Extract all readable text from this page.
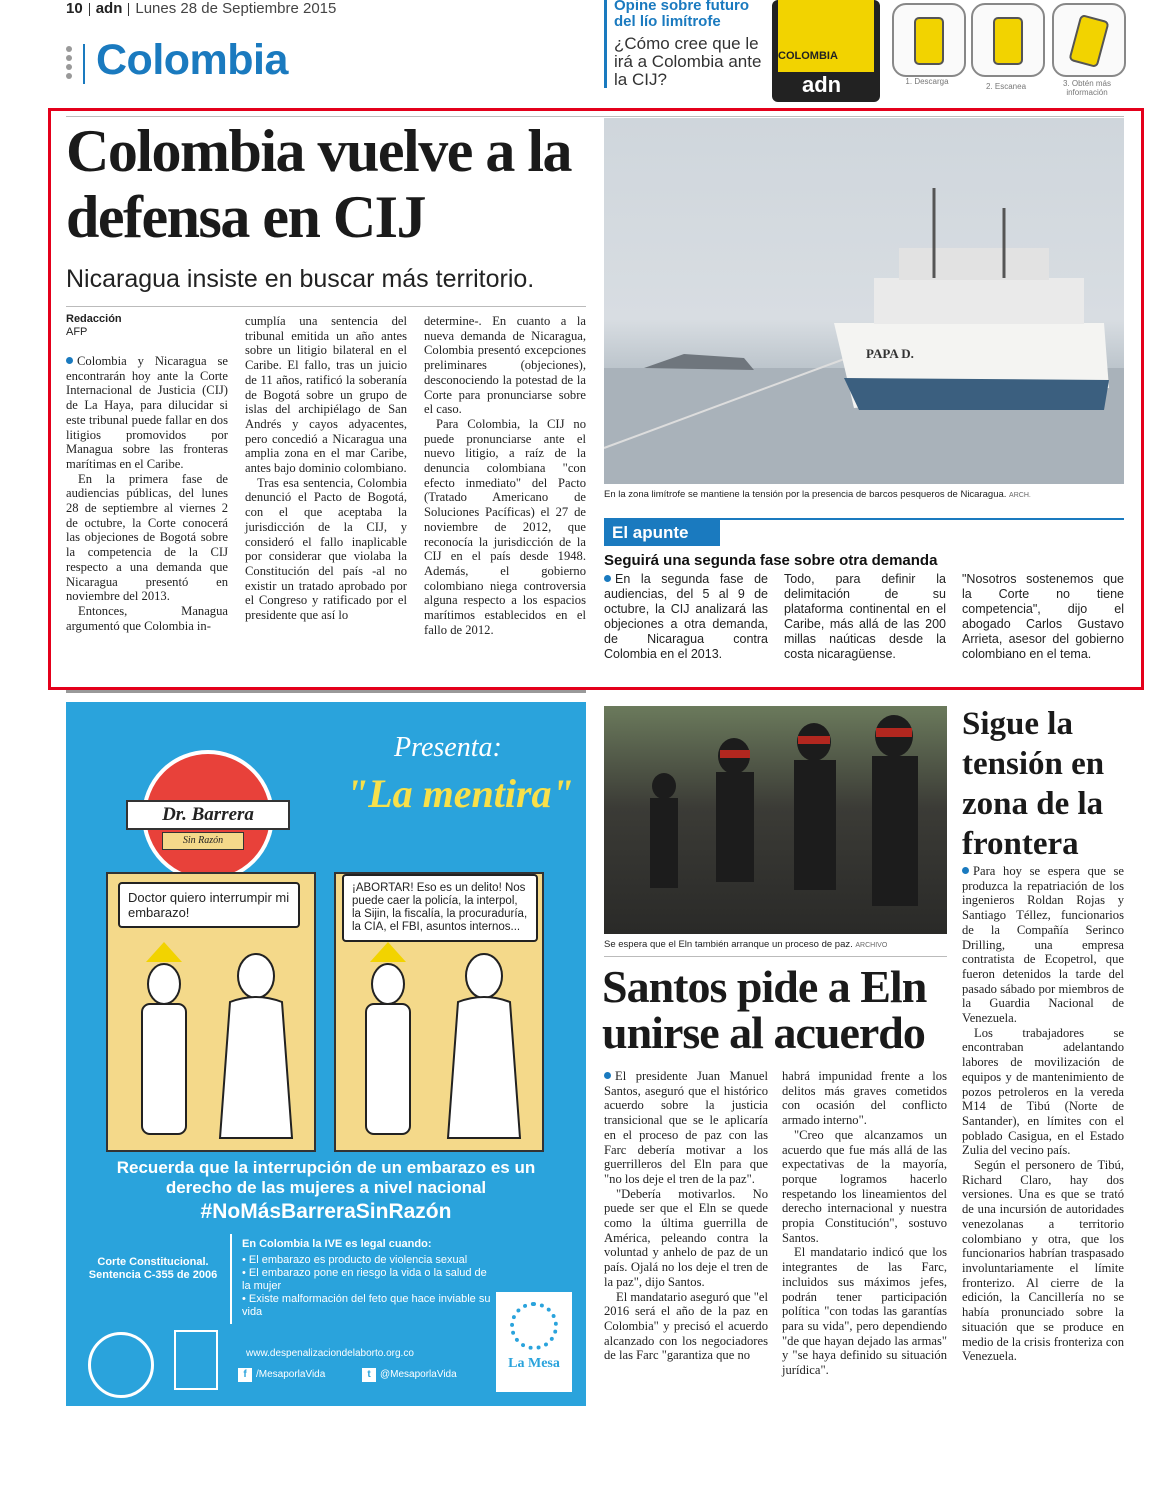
10 adn Lunes 28 de Septiembre 2015
Colombia
Opine sobre futuro del lío limítrofe
¿Cómo cree que le irá a Colombia ante la CIJ?
COLOMBIA
adn	1. Descarga
2. Escanea	3. Obtén más información
Colombia vuelve a la defensa en CIJ
Nicaragua insiste en buscar más territorio.
Redacción
AFP

Colombia y Nicaragua se encontrarán hoy ante la Corte Internacional de Justicia (CIJ) de La Haya, para dilucidar si este tribunal puede fallar en dos litigios promovidos por Managua sobre las fronteras marítimas en el Caribe.

En la primera fase de audiencias públicas, del lunes 28 de septiembre al viernes 2 de octubre, la Corte conocerá las objeciones de Bogotá sobre la competencia de la CIJ respecto a una demanda que Nicaragua presentó en noviembre del 2013.

Entonces, Managua argumentó que Colombia in-

cumplía una sentencia del tribunal emitida un año antes sobre un litigio bilateral en el Caribe. El fallo, tras un juicio de 11 años, ratificó la soberanía de Bogotá sobre un grupo de islas del archipiélago de San Andrés y cayos adyacentes, pero concedió a Nicaragua una amplia zona en el mar Caribe, antes bajo dominio colombiano.

Tras esa sentencia, Colombia denunció el Pacto de Bogotá, con el que aceptaba la jurisdicción de la CIJ, y consideró el fallo inaplicable por considerar que violaba la Constitución del país -al no existir un tratado aprobado por el Congreso y ratificado por el presidente que así lo

determine-. En cuanto a la nueva demanda de Nicaragua, Colombia presentó excepciones preliminares (objeciones), desconociendo la potestad de la Corte para pronunciarse sobre el caso.

Para Colombia, la CIJ no puede pronunciarse ante el nuevo litigio, a raíz de la denuncia colombiana "con efecto inmediato" del Pacto (Tratado Americano de Soluciones Pacíficas) el 27 de noviembre de 2012, que reconocía la jurisdicción de la CIJ en el país desde 1948. Además, el gobierno colombiano niega controversia alguna respecto a los espacios marítimos establecidos en el fallo de 2012.

PAPA D.
En la zona limítrofe se mantiene la tensión por la presencia de barcos pesqueros de Nicaragua. ARCH.
El apunte
Seguirá una segunda fase sobre otra demanda
En la segunda fase de audiencias, del 5 al 9 de octubre, la CIJ analizará las objeciones a otra demanda, de Nicaragua contra Colombia en el 2013.
Todo, para definir la delimitación de su plataforma continental en el Caribe, más allá de las 200 millas naúticas desde la costa nicaragüense.
"Nosotros sostenemos que la Corte no tiene competencia", dijo el abogado Carlos Gustavo Arrieta, asesor del gobierno colombiano en el tema.
Dr. Barrera
Sin Razón
Presenta:
"La mentira"
Doctor quiero interrumpir mi embarazo!
¡ABORTAR! Eso es un delito! Nos puede caer la policía, la interpol, la Sijin, la fiscalía, la procuraduría, la CIA, el FBI, asuntos internos...
Recuerda que la interrupción de un embarazo es un derecho de las mujeres a nivel nacional
#NoMásBarreraSinRazón
Corte Constitucional. Sentencia C-355 de 2006
En Colombia la IVE es legal cuando:
• El embarazo es producto de violencia sexual
• El embarazo pone en riesgo la vida o la salud de la mujer
• Existe malformación del feto que hace inviable su vida
www.despenalizaciondelaborto.org.co
f /MesaporlaVida	t @MesaporlaVida
La Mesa
Se espera que el Eln también arranque un proceso de paz. ARCHIVO
Santos pide a Eln unirse al acuerdo

El presidente Juan Manuel Santos, aseguró que el histórico acuerdo sobre la justicia transicional que se le aplicaría en el proceso de paz con las Farc debería motivar a los guerrilleros del Eln para que "no los deje el tren de la paz".

"Debería motivarlos. No puede ser que el Eln se quede como la última guerrilla de América, peleando contra la voluntad y anhelo de paz de un país. Ojalá no los deje el tren de la paz", dijo Santos.

El mandatario aseguró que "el 2016 será el año de la paz en Colombia" y precisó el acuerdo alcanzado con los negociadores de las Farc "garantiza que no

habrá impunidad frente a los delitos más graves cometidos con ocasión del conflicto armado interno".

"Creo que alcanzamos un acuerdo que fue más allá de las expectativas de la mayoría, porque logramos hacerlo respetando los lineamientos del derecho internacional y nuestra propia Constitución", sostuvo Santos.

El mandatario indicó que los integrantes de las Farc, incluidos sus máximos jefes, podrán tener participación política "con todas las garantías para su vida", pero dependiendo "de que hayan dejado las armas" y "se haya definido su situación jurídica".

Sigue la tensión en zona de la frontera

Para hoy se espera que se produzca la repatriación de los ingenieros Roldan Rojas y Santiago Téllez, funcionarios de la Compañía Serinco Drilling, una empresa contratista de Ecopetrol, que fueron detenidos la tarde del pasado sábado por miembros de la Guardia Nacional de Venezuela.

Los trabajadores se encontraban adelantando labores de movilización de equipos y de mantenimiento de pozos petroleros en la vereda M14 de Tibú (Norte de Santander), en límites con el poblado Casigua, en el Estado Zulia del vecino país.

Según el personero de Tibú, Richard Claro, hay dos versiones. Una es que se trató de una incursión de autoridades venezolanas a territorio colombiano y otra, que los funcionarios habrían traspasado involuntariamente el límite fronterizo. Al cierre de la edición, la Cancillería no se había pronunciado sobre la situación que se produce en medio de la crisis fronteriza con Venezuela.
